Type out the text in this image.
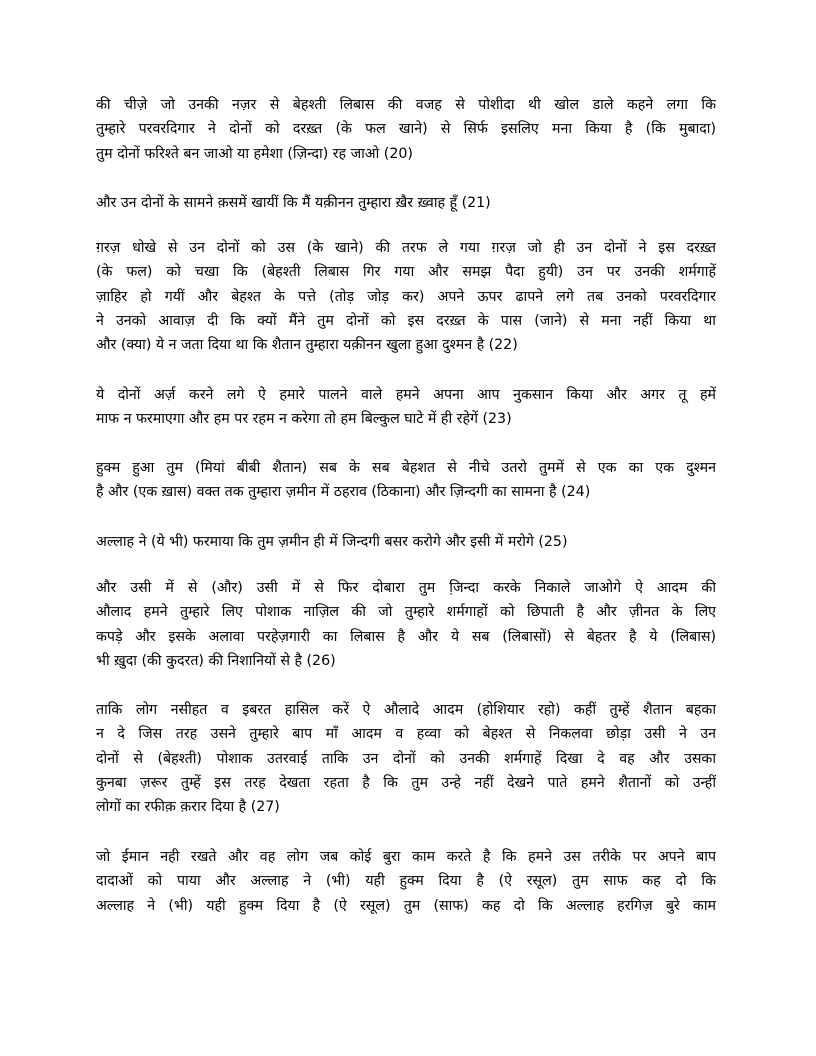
की चीजे़ जो उनकी नज़र से बेहश्ती लिबास की वजह से पोशीदा थी खोल डाले कहने लगा कि
तुम्हारे परवरदिगार ने दोनों को दरख़्त (के फल खाने) से सिर्फ इसलिए मना किया है (कि मुबादा)
तुम दोनों फरिश्ते बन जाओ या हमेशा (ज़िन्दा) रह जाओ (20)
और उन दोनों के सामने क़समें खायीं कि मैं यक़ीनन तुम्हारा ख़ैर ख़्वाह हूँ (21)
ग़रज़ धोखे से उन दोनों को उस (के खाने) की तरफ ले गया ग़रज़ जो ही उन दोनों ने इस दरख़्त
(के फल) को चखा कि (बेहश्ती लिबास गिर गया और समझ पैदा हुयी) उन पर उनकी शर्मगाहें
ज़ाहिर हो गयीं और बेहश्त के पत्ते (तोड़ जोड़ कर) अपने ऊपर ढापने लगे तब उनको परवरदिगार
ने उनको आवाज़ दी कि क्यों मैंने तुम दोनों को इस दरख़्त के पास (जाने) से मना नहीं किया था
और (क्या) ये न जता दिया था कि शैतान तुम्हारा यक़ीनन खुला हुआ दुश्मन है (22)
ये दोनों अर्ज़ करने लगे ऐ हमारे पालने वाले हमने अपना आप नुकसान किया और अगर तू हमें
माफ न फरमाएगा और हम पर रहम न करेगा तो हम बिल्कुल घाटे में ही रहेगें (23)
हुक्म हुआ तुम (मियां बीबी शैतान) सब के सब बेहशत से नीचे उतरो तुममें से एक का एक दुश्मन
है और (एक ख़ास) वक्त तक तुम्हारा ज़मीन में ठहराव (ठिकाना) और ज़िन्दगी का सामना है (24)
अल्लाह ने (ये भी) फरमाया कि तुम ज़मीन ही में जिन्दगी बसर करोगे और इसी में मरोगे (25)
और उसी में से (और) उसी में से फिर दोबारा तुम जि़न्दा करके निकाले जाओगे ऐ आदम की
औलाद हमने तुम्हारे लिए पोशाक नाज़िल की जो तुम्हारे शर्मगाहों को छिपाती है और ज़ीनत के लिए
कपड़े और इसके अलावा परहेज़गारी का लिबास है और ये सब (लिबासों) से बेहतर है ये (लिबास)
भी ख़ुदा (की कुदरत) की निशानियों से है (26)
ताकि लोग नसीहत व इबरत हासिल करें ऐ औलादे आदम (होशियार रहो) कहीं तुम्हें शैतान बहका
न दे जिस तरह उसने तुम्हारे बाप माँ आदम व हव्वा को बेहश्त से निकलवा छोड़ा उसी ने उन
दोनों से (बेहश्ती) पोशाक उतरवाई ताकि उन दोनों को उनकी शर्मगाहें दिखा दे वह और उसका
कुनबा ज़रूर तुम्हें इस तरह देखता रहता है कि तुम उन्हे नहीं देखने पाते हमने शैतानों को उन्हीं
लोगों का रफीक़ क़रार दिया है (27)
जो ईमान नही रखते और वह लोग जब कोई बुरा काम करते है कि हमने उस तरीके पर अपने बाप
दादाओं को पाया और अल्लाह ने (भी) यही हुक्म दिया है (ऐ रसूल) तुम साफ कह दो कि
अल्लाह ने (भी) यही हुक्म दिया है (ऐ रसूल) तुम (साफ) कह दो कि अल्लाह हरगिज़ बुरे काम
